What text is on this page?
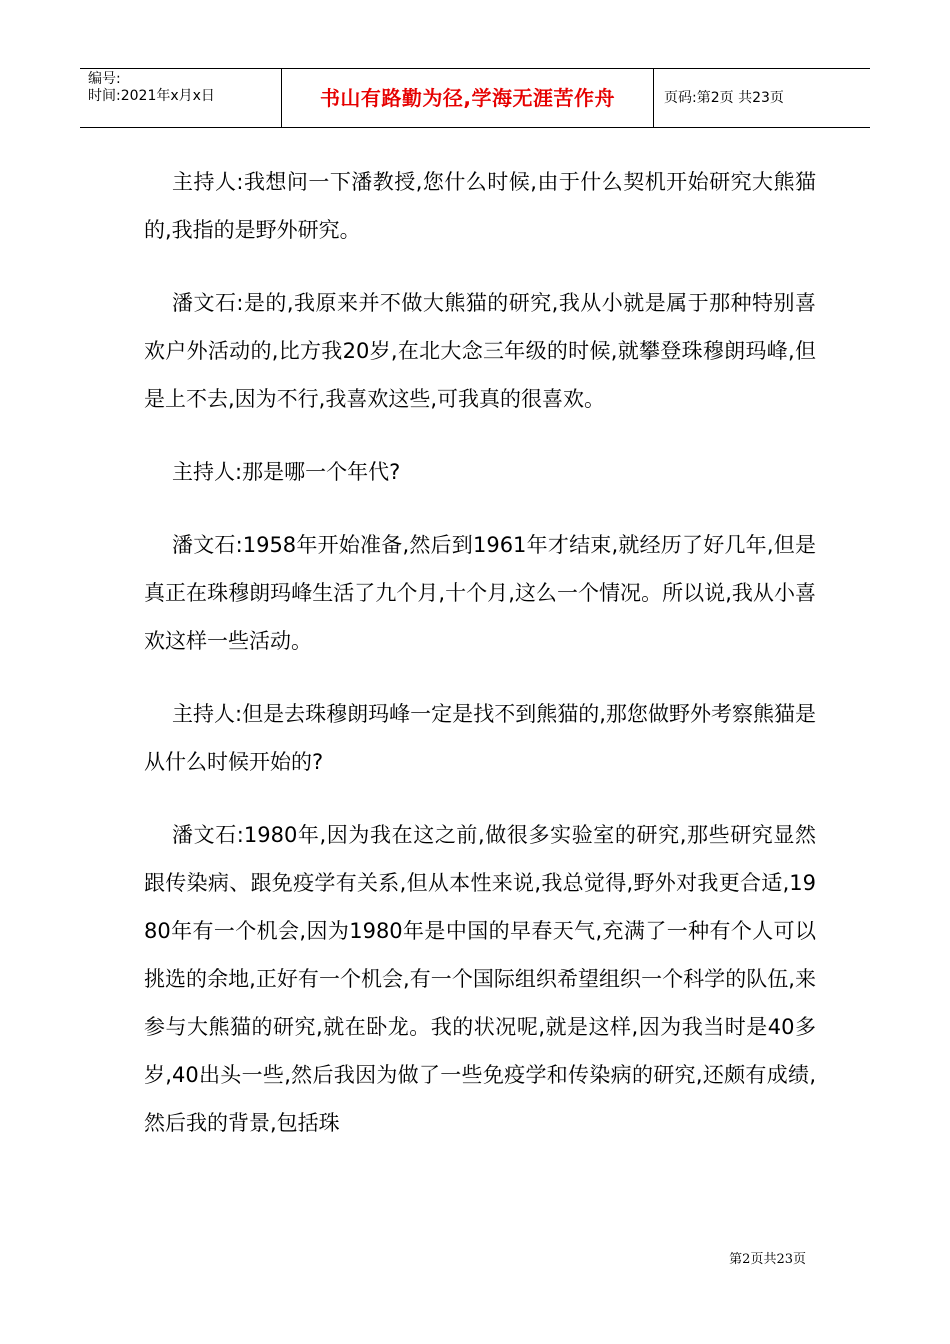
编号:
时间:2021年x月x日	书山有路勤为径,学海无涯苦作舟	页码:第2页 共23页

主持人:我想问一下潘教授,您什么时候,由于什么契机开始研究大熊猫的,我指的是野外研究。

潘文石:是的,我原来并不做大熊猫的研究,我从小就是属于那种特别喜欢户外活动的,比方我20岁,在北大念三年级的时候,就攀登珠穆朗玛峰,但是上不去,因为不行,我喜欢这些,可我真的很喜欢。

主持人:那是哪一个年代?

潘文石:1958年开始准备,然后到1961年才结束,就经历了好几年,但是真正在珠穆朗玛峰生活了九个月,十个月,这么一个情况。所以说,我从小喜欢这样一些活动。

主持人:但是去珠穆朗玛峰一定是找不到熊猫的,那您做野外考察熊猫是从什么时候开始的?

潘文石:1980年,因为我在这之前,做很多实验室的研究,那些研究显然跟传染病、跟免疫学有关系,但从本性来说,我总觉得,野外对我更合适,1980年有一个机会,因为1980年是中国的早春天气,充满了一种有个人可以挑选的余地,正好有一个机会,有一个国际组织希望组织一个科学的队伍,来参与大熊猫的研究,就在卧龙。我的状况呢,就是这样,因为我当时是40多岁,40出头一些,然后我因为做了一些免疫学和传染病的研究,还颇有成绩,然后我的背景,包括珠

第2页共23页
